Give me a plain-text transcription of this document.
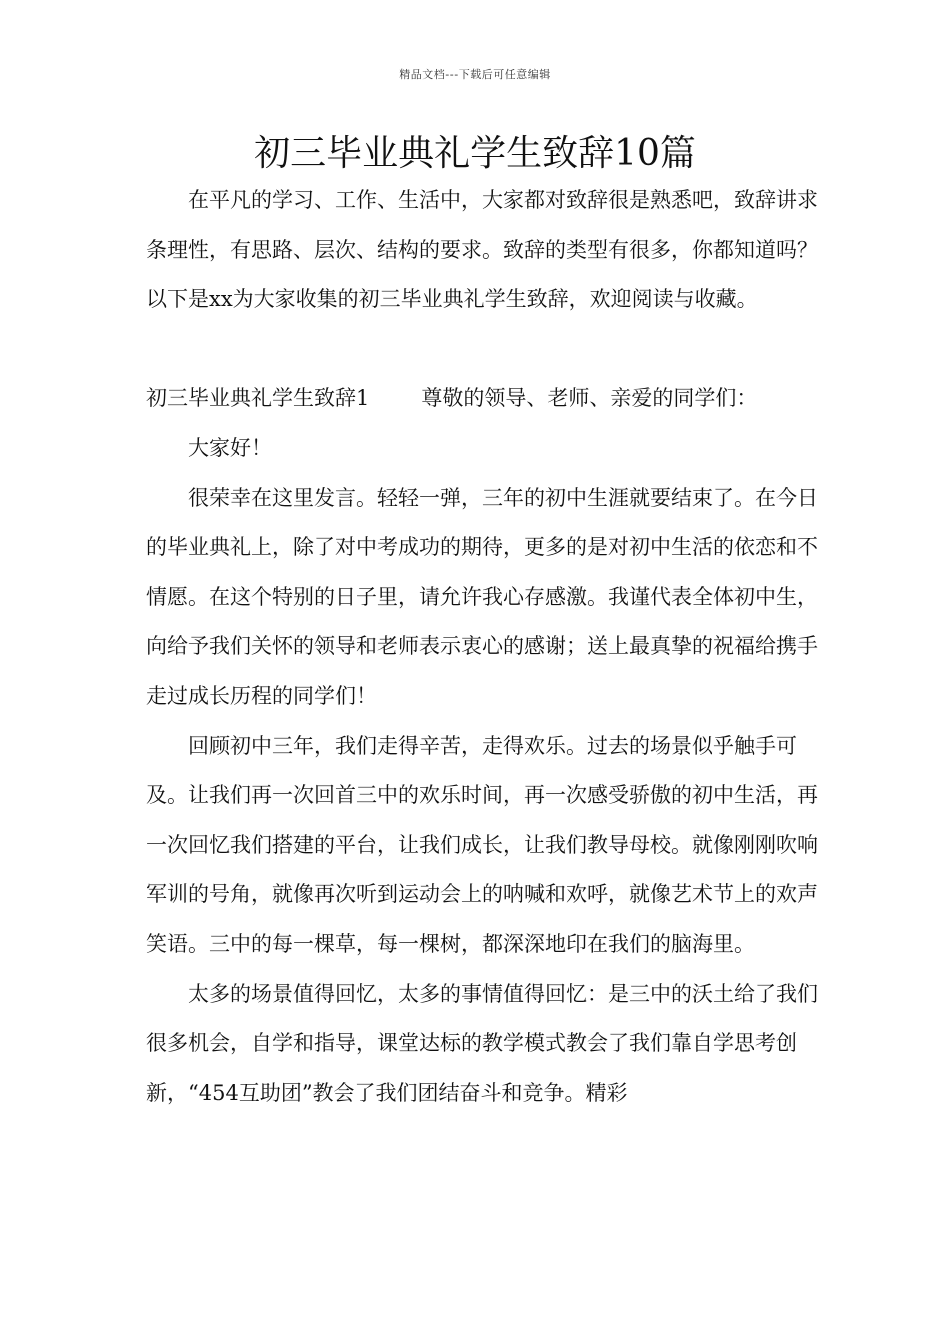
精品文档---下载后可任意编辑
初三毕业典礼学生致辞10篇

在平凡的学习、工作、生活中，大家都对致辞很是熟悉吧，致辞讲求条理性，有思路、层次、结构的要求。致辞的类型有很多，你都知道吗？以下是xx为大家收集的初三毕业典礼学生致辞，欢迎阅读与收藏。

初三毕业典礼学生致辞1 尊敬的领导、老师、亲爱的同学们：

大家好！

很荣幸在这里发言。轻轻一弹，三年的初中生涯就要结束了。在今日的毕业典礼上，除了对中考成功的期待，更多的是对初中生活的依恋和不情愿。在这个特别的日子里，请允许我心存感激。我谨代表全体初中生，向给予我们关怀的领导和老师表示衷心的感谢；送上最真挚的祝福给携手走过成长历程的同学们！

回顾初中三年，我们走得辛苦，走得欢乐。过去的场景似乎触手可及。让我们再一次回首三中的欢乐时间，再一次感受骄傲的初中生活，再一次回忆我们搭建的平台，让我们成长，让我们教导母校。就像刚刚吹响军训的号角，就像再次听到运动会上的呐喊和欢呼，就像艺术节上的欢声笑语。三中的每一棵草，每一棵树，都深深地印在我们的脑海里。

太多的场景值得回忆，太多的事情值得回忆：是三中的沃土给了我们很多机会，自学和指导，课堂达标的教学模式教会了我们靠自学思考创新，“454互助团”教会了我们团结奋斗和竞争。精彩
